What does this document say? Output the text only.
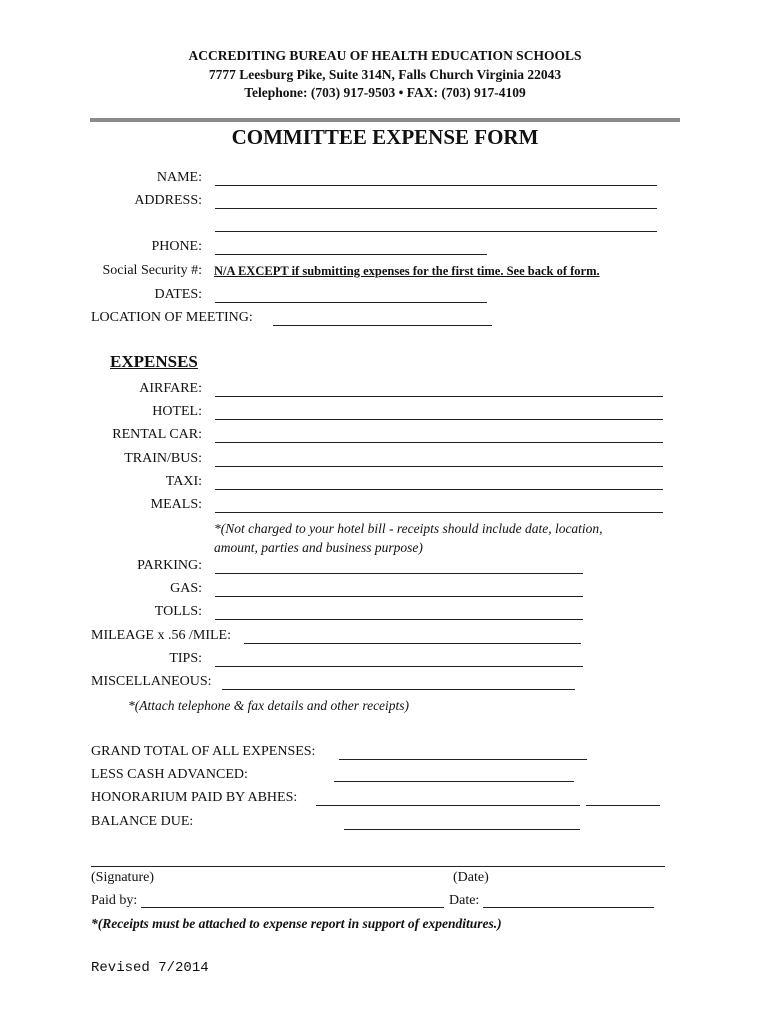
ACCREDITING BUREAU OF HEALTH EDUCATION SCHOOLS
7777 Leesburg Pike, Suite 314N, Falls Church Virginia 22043
Telephone: (703) 917-9503 • FAX: (703) 917-4109
COMMITTEE EXPENSE FORM
NAME:
ADDRESS:
PHONE:
Social Security #: N/A EXCEPT if submitting expenses for the first time. See back of form.
DATES:
LOCATION OF MEETING:
EXPENSES
AIRFARE:
HOTEL:
RENTAL CAR:
TRAIN/BUS:
TAXI:
MEALS:
*(Not charged to your hotel bill - receipts should include date, location,
amount, parties and business purpose)
PARKING:
GAS:
TOLLS:
MILEAGE x .56 /MILE:
TIPS:
MISCELLANEOUS:
*(Attach telephone & fax details and other receipts)
GRAND TOTAL OF ALL EXPENSES:
LESS CASH ADVANCED:
HONORARIUM PAID BY ABHES:
BALANCE DUE:
(Signature)	(Date)
Paid by:	Date:
*(Receipts must be attached to expense report in support of expenditures.)
Revised 7/2014
